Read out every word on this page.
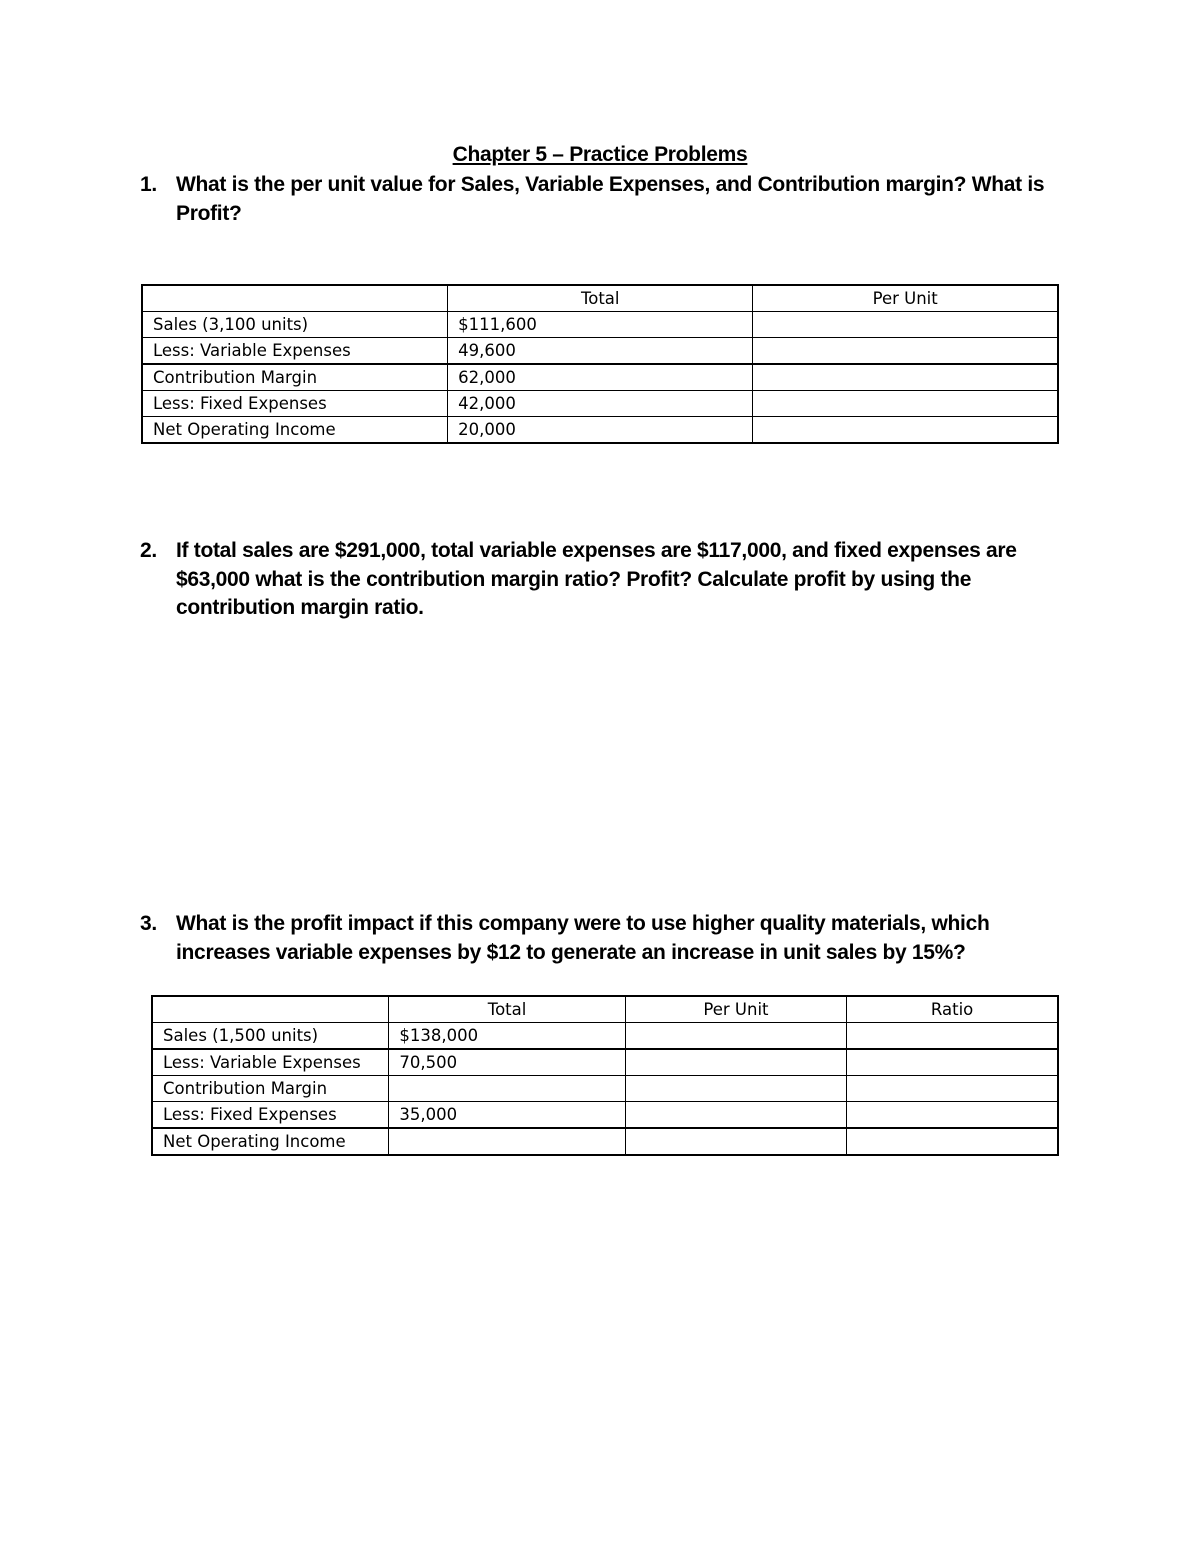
Chapter 5 – Practice Problems
1. What is the per unit value for Sales, Variable Expenses, and Contribution margin? What is Profit?
	Total	Per Unit
Sales (3,100 units)	$111,600	
Less: Variable Expenses	49,600	
Contribution Margin	62,000	
Less: Fixed Expenses	42,000	
Net Operating Income	20,000	
2. If total sales are $291,000, total variable expenses are $117,000, and fixed expenses are $63,000 what is the contribution margin ratio? Profit? Calculate profit by using the contribution margin ratio.
3. What is the profit impact if this company were to use higher quality materials, which increases variable expenses by $12 to generate an increase in unit sales by 15%?
	Total	Per Unit	Ratio
Sales (1,500 units)	$138,000		
Less: Variable Expenses	70,500		
Contribution Margin			
Less: Fixed Expenses	35,000		
Net Operating Income			
